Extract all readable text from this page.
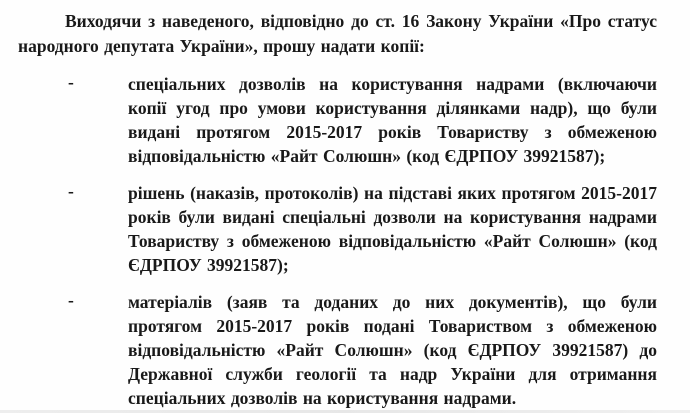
Виходячи з наведеного, відповідно до ст. 16 Закону України «Про статус народного депутата України», прошу надати копії:

-	спеціальних дозволів на користування надрами (включаючи копії угод про умови користування ділянками надр), що були видані протягом 2015-2017 років Товариству з обмеженою відповідальністю «Райт Солюшн» (код ЄДРПОУ 39921587);

-	рішень (наказів, протоколів) на підставі яких протягом 2015-2017 років були видані спеціальні дозволи на користування надрами Товариству з обмеженою відповідальністю «Райт Солюшн» (код ЄДРПОУ 39921587);

-	матеріалів (заяв та доданих до них документів), що були протягом 2015-2017 років подані Товариством з обмеженою відповідальністю «Райт Солюшн» (код ЄДРПОУ 39921587) до Державної служби геології та надр України для отримання спеціальних дозволів на користування надрами.
